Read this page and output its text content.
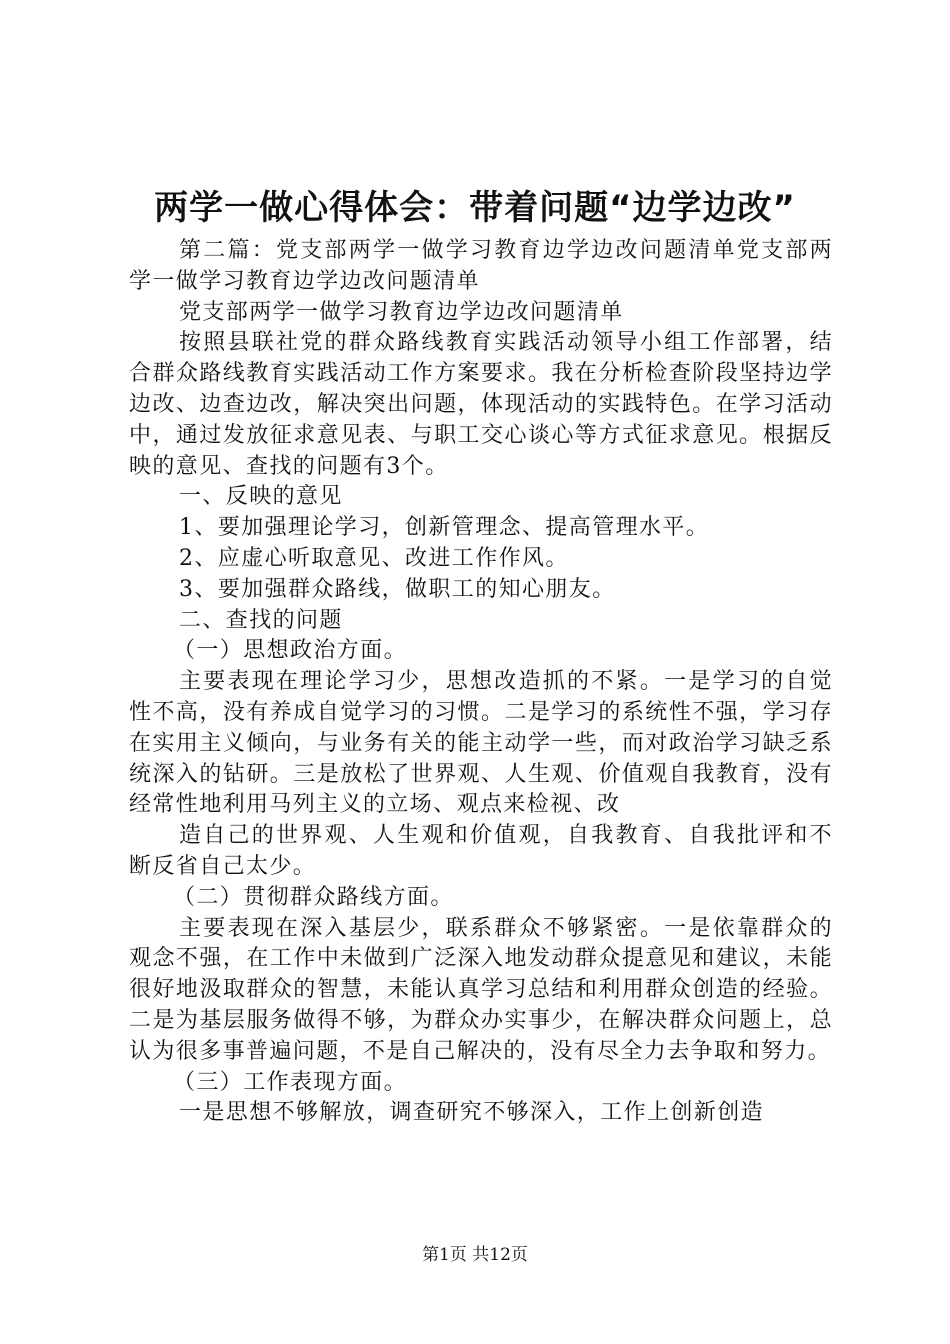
两学一做心得体会：带着问题“边学边改”

第二篇：党支部两学一做学习教育边学边改问题清单党支部两学一做学习教育边学边改问题清单

党支部两学一做学习教育边学边改问题清单

按照县联社党的群众路线教育实践活动领导小组工作部署，结合群众路线教育实践活动工作方案要求。我在分析检查阶段坚持边学边改、边查边改，解决突出问题，体现活动的实践特色。在学习活动中，通过发放征求意见表、与职工交心谈心等方式征求意见。根据反映的意见、查找的问题有3个。

一、反映的意见

1、要加强理论学习，创新管理念、提高管理水平。

2、应虚心听取意见、改进工作作风。

3、要加强群众路线，做职工的知心朋友。

二、查找的问题

（一）思想政治方面。

主要表现在理论学习少，思想改造抓的不紧。一是学习的自觉性不高，没有养成自觉学习的习惯。二是学习的系统性不强，学习存在实用主义倾向，与业务有关的能主动学一些，而对政治学习缺乏系统深入的钻研。三是放松了世界观、人生观、价值观自我教育，没有经常性地利用马列主义的立场、观点来检视、改

造自己的世界观、人生观和价值观，自我教育、自我批评和不断反省自己太少。

（二）贯彻群众路线方面。

主要表现在深入基层少，联系群众不够紧密。一是依靠群众的观念不强，在工作中未做到广泛深入地发动群众提意见和建议，未能很好地汲取群众的智慧，未能认真学习总结和利用群众创造的经验。二是为基层服务做得不够，为群众办实事少，在解决群众问题上，总认为很多事普遍问题，不是自己解决的，没有尽全力去争取和努力。

（三）工作表现方面。

一是思想不够解放，调查研究不够深入，工作上创新创造

第1页 共12页
